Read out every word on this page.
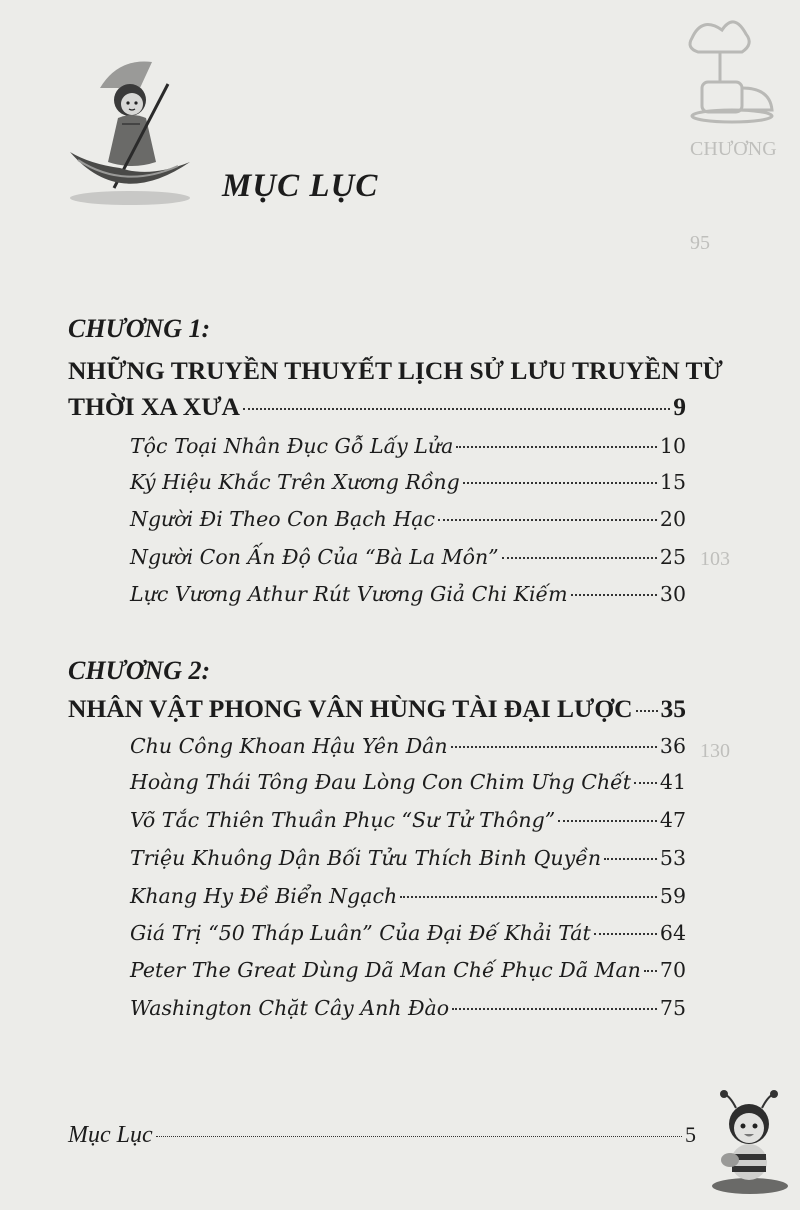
CHƯƠNG
95
103
130
MỤC LỤC
CHƯƠNG 1:
NHỮNG TRUYỀN THUYẾT LỊCH SỬ LƯU TRUYỀN TỪ
THỜI XA XƯA	9
Tộc Toại Nhân Đục Gỗ Lấy Lửa	10
Ký Hiệu Khắc Trên Xương Rồng	15
Người Đi Theo Con Bạch Hạc	20
Người Con Ấn Độ Của “Bà La Môn”	25
Lực Vương Athur Rút Vương Giả Chi Kiếm	30
CHƯƠNG 2:
NHÂN VẬT PHONG VÂN HÙNG TÀI ĐẠI LƯỢC 35
Chu Công Khoan Hậu Yên Dân	36
Hoàng Thái Tông Đau Lòng Con Chim Ưng Chết 41
Võ Tắc Thiên Thuần Phục “Sư Tử Thông”	47
Triệu Khuông Dận Bối Tửu Thích Binh Quyền	53
Khang Hy Đề Biển Ngạch	59
Giá Trị “50 Tháp Luân” Của Đại Đế Khải Tát	64
Peter The Great Dùng Dã Man Chế Phục Dã Man 70
Washington Chặt Cây Anh Đào	75
Mục Lục	5
